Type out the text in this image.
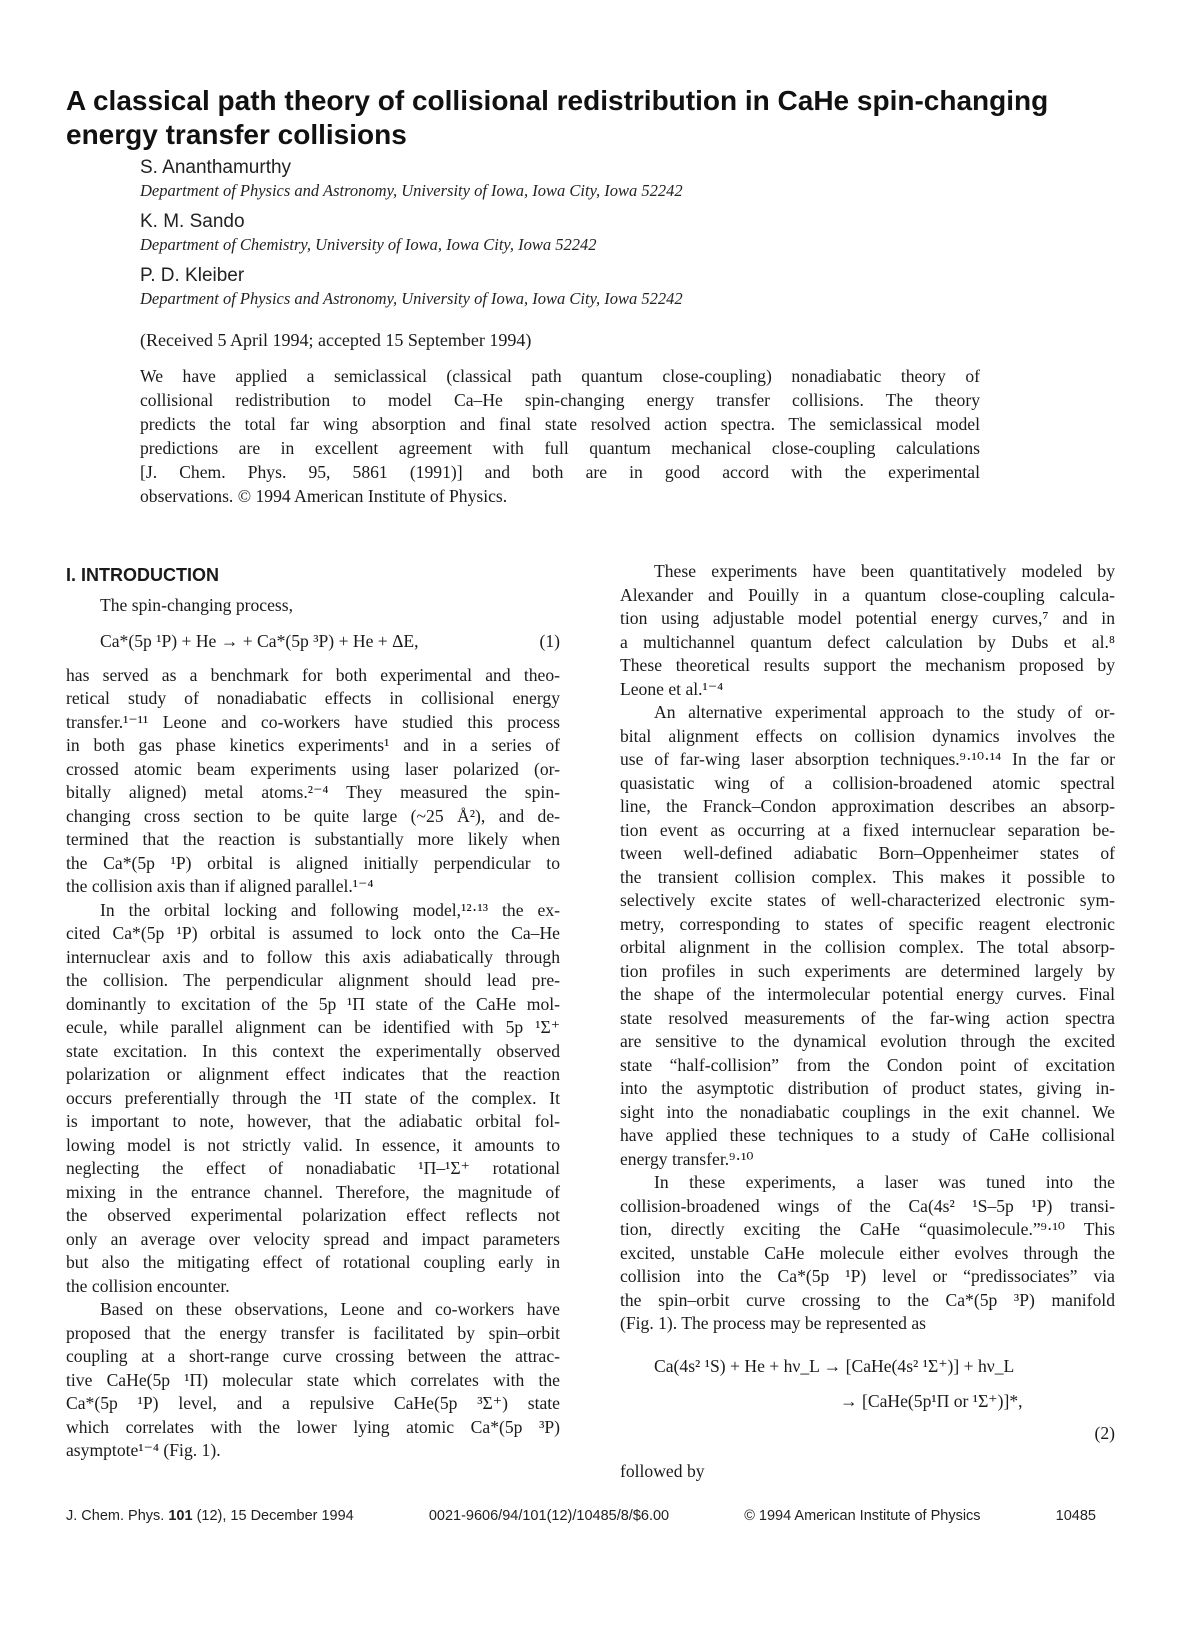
A classical path theory of collisional redistribution in CaHe spin-changing energy transfer collisions
S. Ananthamurthy
Department of Physics and Astronomy, University of Iowa, Iowa City, Iowa 52242
K. M. Sando
Department of Chemistry, University of Iowa, Iowa City, Iowa 52242
P. D. Kleiber
Department of Physics and Astronomy, University of Iowa, Iowa City, Iowa 52242
(Received 5 April 1994; accepted 15 September 1994)
We have applied a semiclassical (classical path quantum close-coupling) nonadiabatic theory of
collisional redistribution to model Ca–He spin-changing energy transfer collisions. The theory
predicts the total far wing absorption and final state resolved action spectra. The semiclassical model
predictions are in excellent agreement with full quantum mechanical close-coupling calculations
[J. Chem. Phys. 95, 5861 (1991)] and both are in good accord with the experimental
observations. © 1994 American Institute of Physics.
I. INTRODUCTION
The spin-changing process,
Ca*(5p ¹P) + He → + Ca*(5p ³P) + He + ΔE,	(1)
has served as a benchmark for both experimental and theo-
retical study of nonadiabatic effects in collisional energy
transfer.¹⁻¹¹ Leone and co-workers have studied this process
in both gas phase kinetics experiments¹ and in a series of
crossed atomic beam experiments using laser polarized (or-
bitally aligned) metal atoms.²⁻⁴ They measured the spin-
changing cross section to be quite large (~25 Å²), and de-
termined that the reaction is substantially more likely when
the Ca*(5p ¹P) orbital is aligned initially perpendicular to
the collision axis than if aligned parallel.¹⁻⁴
In the orbital locking and following model,¹²·¹³ the ex-
cited Ca*(5p ¹P) orbital is assumed to lock onto the Ca–He
internuclear axis and to follow this axis adiabatically through
the collision. The perpendicular alignment should lead pre-
dominantly to excitation of the 5p ¹Π state of the CaHe mol-
ecule, while parallel alignment can be identified with 5p ¹Σ⁺
state excitation. In this context the experimentally observed
polarization or alignment effect indicates that the reaction
occurs preferentially through the ¹Π state of the complex. It
is important to note, however, that the adiabatic orbital fol-
lowing model is not strictly valid. In essence, it amounts to
neglecting the effect of nonadiabatic ¹Π–¹Σ⁺ rotational
mixing in the entrance channel. Therefore, the magnitude of
the observed experimental polarization effect reflects not
only an average over velocity spread and impact parameters
but also the mitigating effect of rotational coupling early in
the collision encounter.
Based on these observations, Leone and co-workers have
proposed that the energy transfer is facilitated by spin–orbit
coupling at a short-range curve crossing between the attrac-
tive CaHe(5p ¹Π) molecular state which correlates with the
Ca*(5p ¹P) level, and a repulsive CaHe(5p ³Σ⁺) state
which correlates with the lower lying atomic Ca*(5p ³P)
asymptote¹⁻⁴ (Fig. 1).
These experiments have been quantitatively modeled by
Alexander and Pouilly in a quantum close-coupling calcula-
tion using adjustable model potential energy curves,⁷ and in
a multichannel quantum defect calculation by Dubs et al.⁸
These theoretical results support the mechanism proposed by
Leone et al.¹⁻⁴
An alternative experimental approach to the study of or-
bital alignment effects on collision dynamics involves the
use of far-wing laser absorption techniques.⁹·¹⁰·¹⁴ In the far or
quasistatic wing of a collision-broadened atomic spectral
line, the Franck–Condon approximation describes an absorp-
tion event as occurring at a fixed internuclear separation be-
tween well-defined adiabatic Born–Oppenheimer states of
the transient collision complex. This makes it possible to
selectively excite states of well-characterized electronic sym-
metry, corresponding to states of specific reagent electronic
orbital alignment in the collision complex. The total absorp-
tion profiles in such experiments are determined largely by
the shape of the intermolecular potential energy curves. Final
state resolved measurements of the far-wing action spectra
are sensitive to the dynamical evolution through the excited
state “half-collision” from the Condon point of excitation
into the asymptotic distribution of product states, giving in-
sight into the nonadiabatic couplings in the exit channel. We
have applied these techniques to a study of CaHe collisional
energy transfer.⁹·¹⁰
In these experiments, a laser was tuned into the
collision-broadened wings of the Ca(4s² ¹S–5p ¹P) transi-
tion, directly exciting the CaHe “quasimolecule.”⁹·¹⁰ This
excited, unstable CaHe molecule either evolves through the
collision into the Ca*(5p ¹P) level or “predissociates” via
the spin–orbit curve crossing to the Ca*(5p ³P) manifold
(Fig. 1). The process may be represented as
Ca(4s² ¹S) + He + hν_L → [CaHe(4s² ¹Σ⁺)] + hν_L
→ [CaHe(5p¹Π or ¹Σ⁺)]*,
(2)
followed by
J. Chem. Phys. 101 (12), 15 December 1994	0021-9606/94/101(12)/10485/8/$6.00	© 1994 American Institute of Physics	10485
